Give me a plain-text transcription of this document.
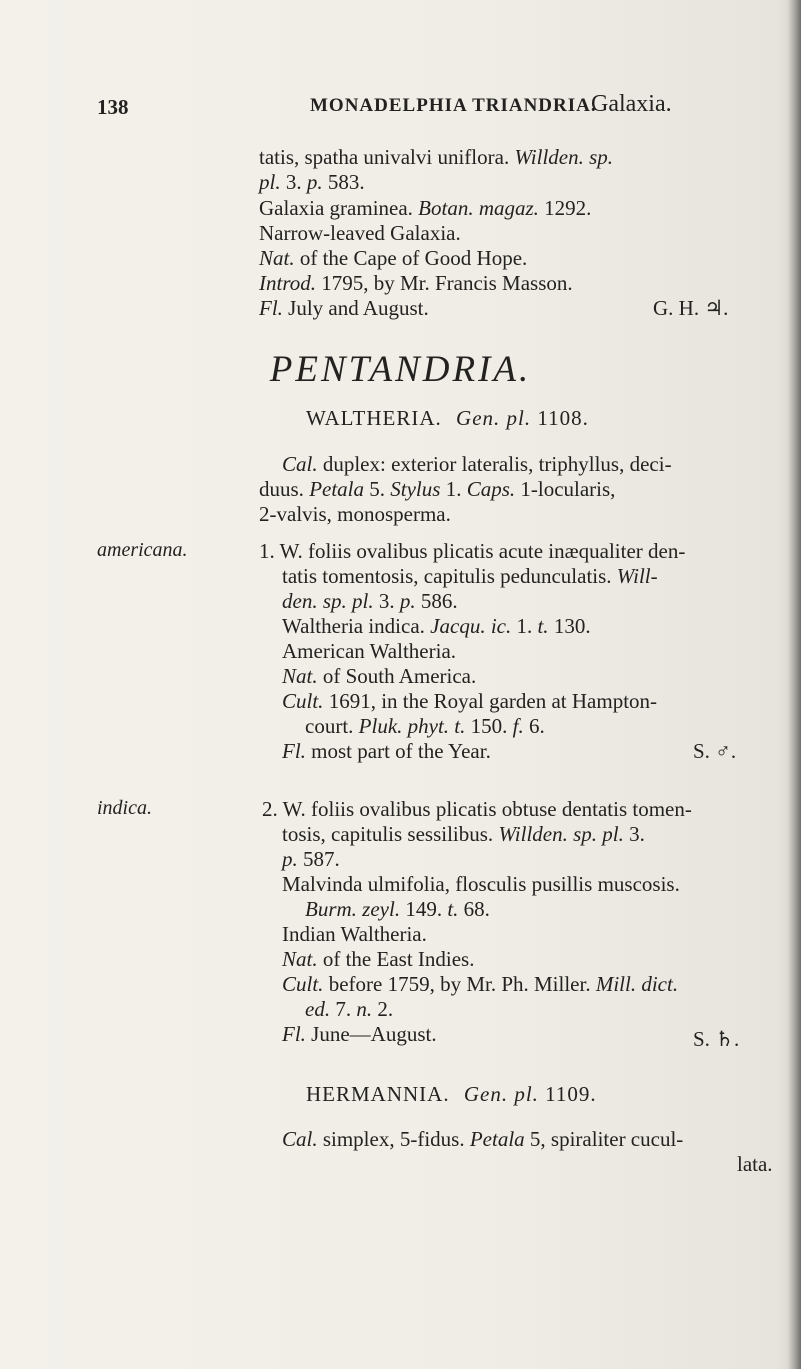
138	MONADELPHIA TRIANDRIA.
Galaxia.
tatis, spatha univalvi uniflora. Willden. sp.
pl. 3. p. 583.
Galaxia graminea. Botan. magaz. 1292.
Narrow-leaved Galaxia.
Nat. of the Cape of Good Hope.
Introd. 1795, by Mr. Francis Masson.
Fl. July and August.	G. H. ♃.
PENTANDRIA.
WALTHERIA. Gen. pl. 1108.
Cal. duplex: exterior lateralis, triphyllus, deci-
duus. Petala 5. Stylus 1. Caps. 1-locularis,
2-valvis, monosperma.
americana.	1. W. foliis ovalibus plicatis acute inæqualiter den-
tatis tomentosis, capitulis pedunculatis. Will-
den. sp. pl. 3. p. 586.
Waltheria indica. Jacqu. ic. 1. t. 130.
American Waltheria.
Nat. of South America.
Cult. 1691, in the Royal garden at Hampton-
court. Pluk. phyt. t. 150. f. 6.
Fl. most part of the Year.	S. ♂.
indica.	2. W. foliis ovalibus plicatis obtuse dentatis tomen-
tosis, capitulis sessilibus. Willden. sp. pl. 3.
p. 587.
Malvinda ulmifolia, flosculis pusillis muscosis.
Burm. zeyl. 149. t. 68.
Indian Waltheria.
Nat. of the East Indies.
Cult. before 1759, by Mr. Ph. Miller. Mill. dict.
ed. 7. n. 2.
Fl. June—August.	S. ♄.
HERMANNIA. Gen. pl. 1109.
Cal. simplex, 5-fidus. Petala 5, spiraliter cucul-
lata.
